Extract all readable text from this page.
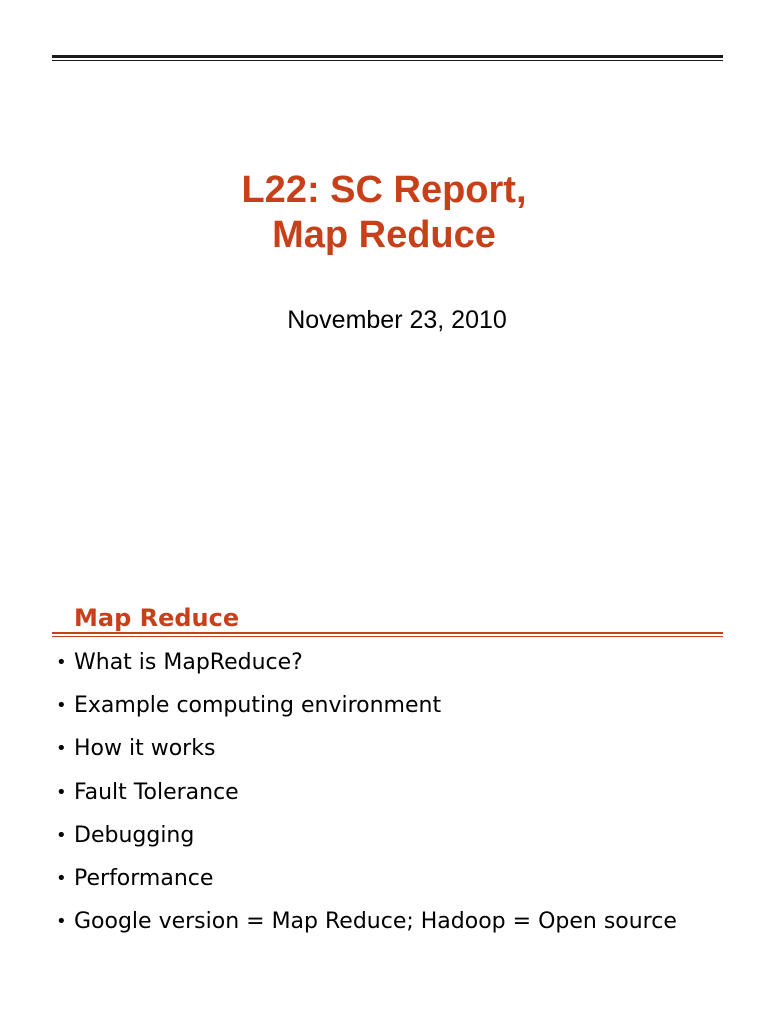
L22: SC Report,
Map Reduce
November 23, 2010
Map Reduce
• What is MapReduce?
• Example computing environment
• How it works
• Fault Tolerance
• Debugging
• Performance
• Google version = Map Reduce; Hadoop = Open source
